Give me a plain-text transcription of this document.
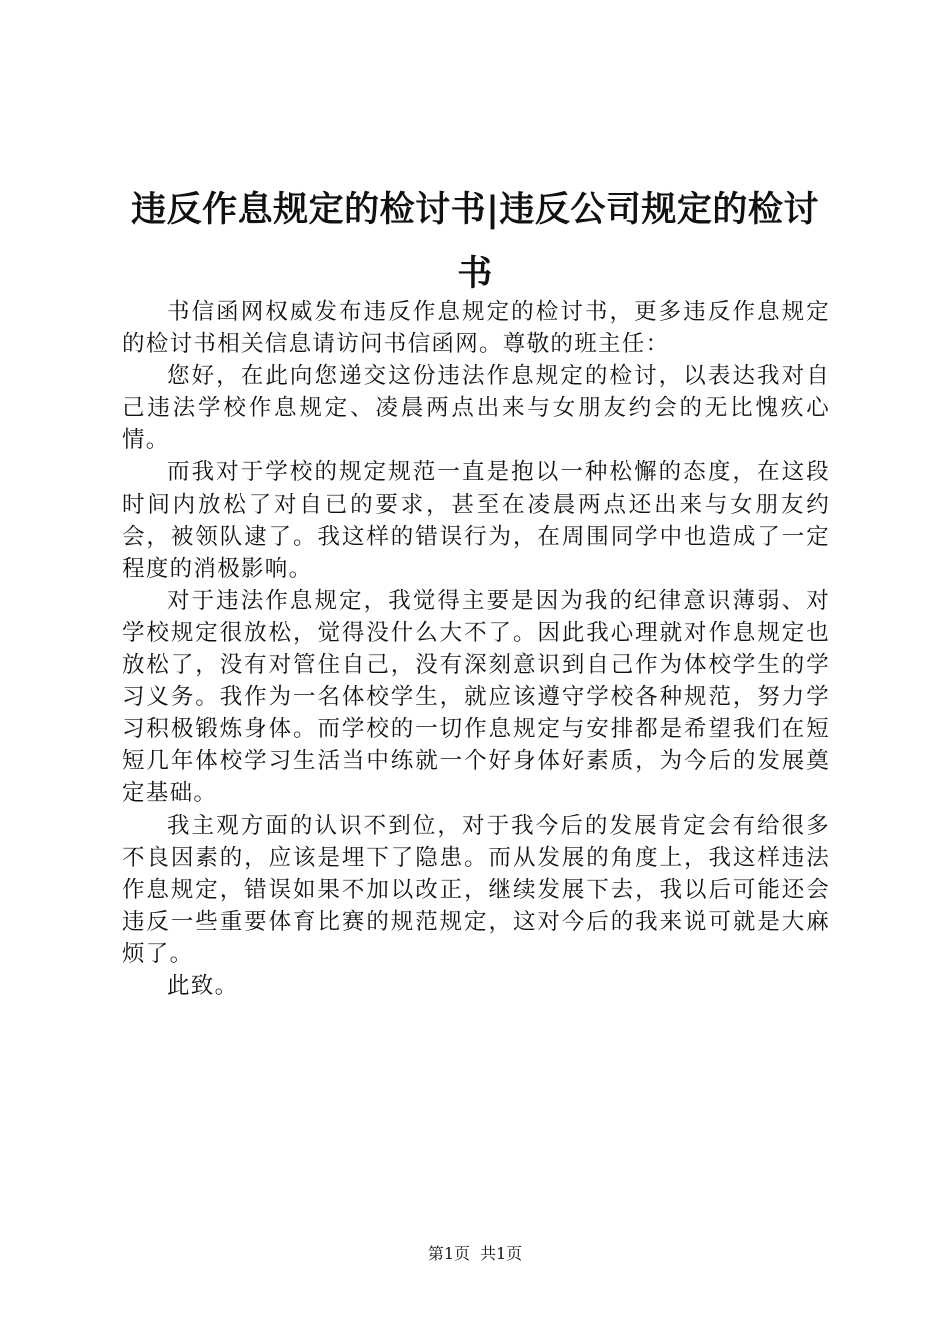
违反作息规定的检讨书|违反公司规定的检讨书

书信函网权威发布违反作息规定的检讨书，更多违反作息规定的检讨书相关信息请访问书信函网。尊敬的班主任：

您好，在此向您递交这份违法作息规定的检讨，以表达我对自己违法学校作息规定、凌晨两点出来与女朋友约会的无比愧疚心情。

而我对于学校的规定规范一直是抱以一种松懈的态度，在这段时间内放松了对自已的要求，甚至在凌晨两点还出来与女朋友约会，被领队逮了。我这样的错误行为，在周围同学中也造成了一定程度的消极影响。

对于违法作息规定，我觉得主要是因为我的纪律意识薄弱、对学校规定很放松，觉得没什么大不了。因此我心理就对作息规定也放松了，没有对管住自己，没有深刻意识到自己作为体校学生的学习义务。我作为一名体校学生，就应该遵守学校各种规范，努力学习积极锻炼身体。而学校的一切作息规定与安排都是希望我们在短短几年体校学习生活当中练就一个好身体好素质，为今后的发展奠定基础。

我主观方面的认识不到位，对于我今后的发展肯定会有给很多不良因素的，应该是埋下了隐患。而从发展的角度上，我这样违法作息规定，错误如果不加以改正，继续发展下去，我以后可能还会违反一些重要体育比赛的规范规定，这对今后的我来说可就是大麻烦了。

此致。

第1页 共1页
